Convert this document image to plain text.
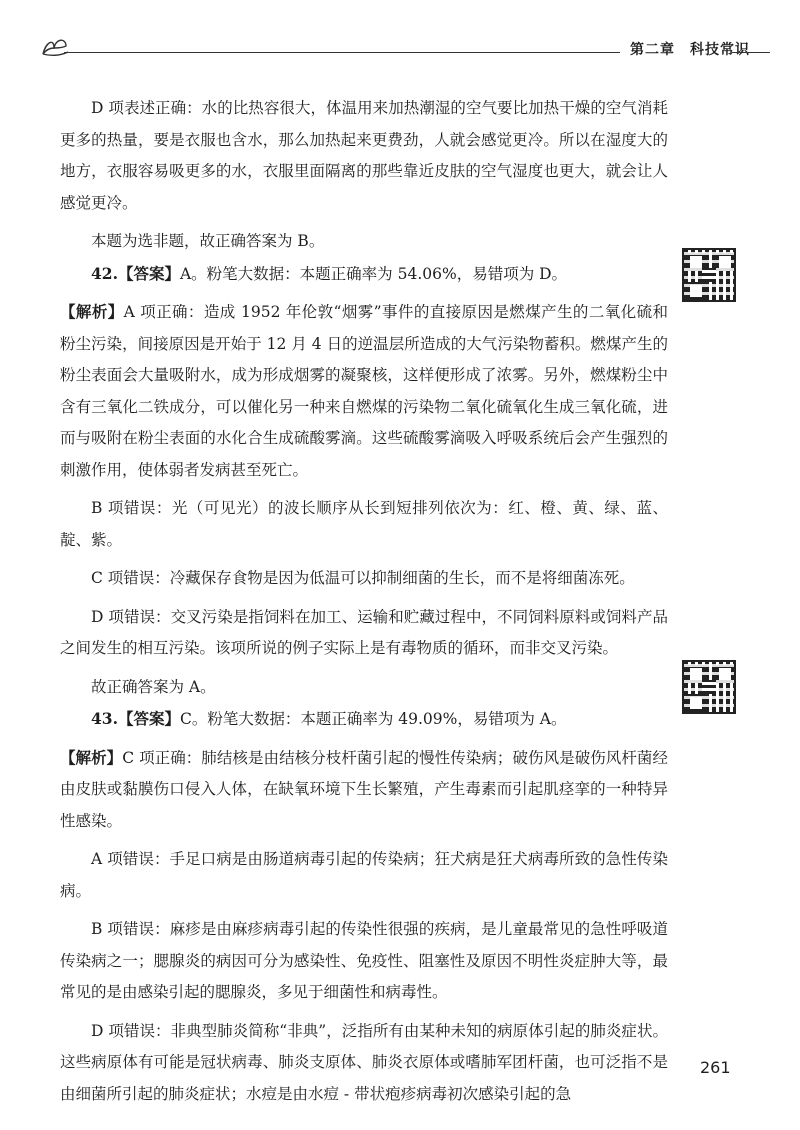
第二章　科技常识

D 项表述正确：水的比热容很大，体温用来加热潮湿的空气要比加热干燥的空气消耗更多的热量，要是衣服也含水，那么加热起来更费劲，人就会感觉更冷。所以在湿度大的地方，衣服容易吸更多的水，衣服里面隔离的那些靠近皮肤的空气湿度也更大，就会让人感觉更冷。

本题为选非题，故正确答案为 B。

42.【答案】A。粉笔大数据：本题正确率为 54.06%，易错项为 D。

【解析】A 项正确：造成 1952 年伦敦“烟雾”事件的直接原因是燃煤产生的二氧化硫和粉尘污染，间接原因是开始于 12 月 4 日的逆温层所造成的大气污染物蓄积。燃煤产生的粉尘表面会大量吸附水，成为形成烟雾的凝聚核，这样便形成了浓雾。另外，燃煤粉尘中含有三氧化二铁成分，可以催化另一种来自燃煤的污染物二氧化硫氧化生成三氧化硫，进而与吸附在粉尘表面的水化合生成硫酸雾滴。这些硫酸雾滴吸入呼吸系统后会产生强烈的刺激作用，使体弱者发病甚至死亡。

B 项错误：光（可见光）的波长顺序从长到短排列依次为：红、橙、黄、绿、蓝、靛、紫。

C 项错误：冷藏保存食物是因为低温可以抑制细菌的生长，而不是将细菌冻死。

D 项错误：交叉污染是指饲料在加工、运输和贮藏过程中，不同饲料原料或饲料产品之间发生的相互污染。该项所说的例子实际上是有毒物质的循环，而非交叉污染。

故正确答案为 A。

43.【答案】C。粉笔大数据：本题正确率为 49.09%，易错项为 A。

【解析】C 项正确：肺结核是由结核分枝杆菌引起的慢性传染病；破伤风是破伤风杆菌经由皮肤或黏膜伤口侵入人体，在缺氧环境下生长繁殖，产生毒素而引起肌痉挛的一种特异性感染。

A 项错误：手足口病是由肠道病毒引起的传染病；狂犬病是狂犬病毒所致的急性传染病。

B 项错误：麻疹是由麻疹病毒引起的传染性很强的疾病，是儿童最常见的急性呼吸道传染病之一；腮腺炎的病因可分为感染性、免疫性、阻塞性及原因不明性炎症肿大等，最常见的是由感染引起的腮腺炎，多见于细菌性和病毒性。

D 项错误：非典型肺炎简称“非典”，泛指所有由某种未知的病原体引起的肺炎症状。这些病原体有可能是冠状病毒、肺炎支原体、肺炎衣原体或嗜肺军团杆菌，也可泛指不是由细菌所引起的肺炎症状；水痘是由水痘 - 带状疱疹病毒初次感染引起的急

261
